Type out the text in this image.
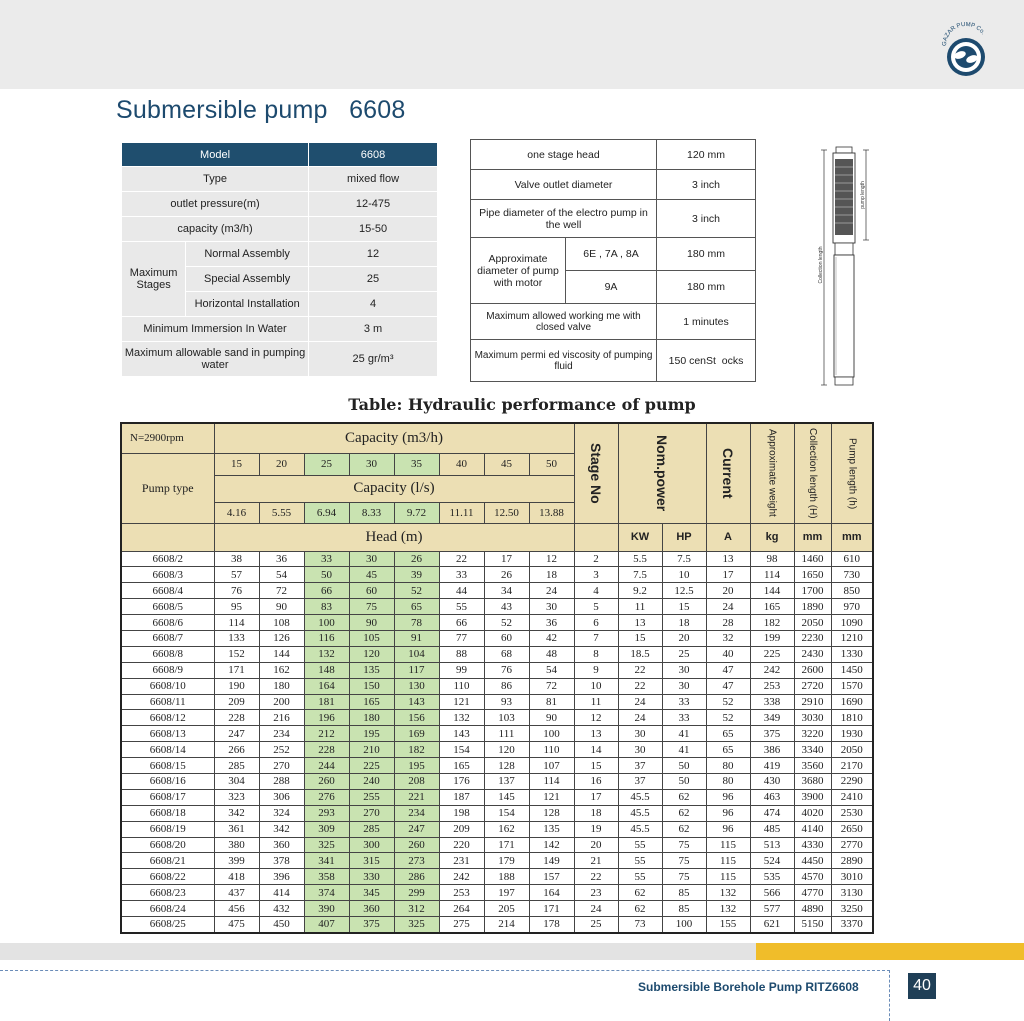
GAZAR PUMP Co.
Submersible pump   6608
Model		6608
Type		mixed flow
outlet pressure(m)		12-475
capacity (m3/h)		15-50
Maximum Stages	Normal Assembly	12
	Special Assembly	25
	Horizontal Installation	4
Minimum Immersion In Water		3 m
Maximum allowable sand in pumping water		25 gr/m³
one stage head		120 mm
Valve outlet diameter		3 inch
Pipe diameter of the electro pump in the well		3 inch
Approximate diameter of pump with motor	6E , 7A , 8A	180 mm
	9A	180 mm
Maximum allowed working me with closed valve		1 minutes
Maximum permi ed viscosity of pumping fluid		150 cenSt  ocks
Collection length
pump length
Table: Hydraulic performance of pump
N=2900rpm	Capacity (m3/h)								Stage No	Nom.power		Current	Approximate weight	Collection length (H)	Pump length (h)

Pump type	15	20	25	30	35	40	45	50							
	Capacity (l/s)														
	4.16	5.55	6.94	8.33	9.72	11.11	12.50	13.88							
	Head (m)									KW	HP	A	kg	mm	mm
6608/2	38	36	33	30	26	22	17	12	2	5.5	7.5	13	98	1460	610
6608/3	57	54	50	45	39	33	26	18	3	7.5	10	17	114	1650	730
6608/4	76	72	66	60	52	44	34	24	4	9.2	12.5	20	144	1700	850
6608/5	95	90	83	75	65	55	43	30	5	11	15	24	165	1890	970
6608/6	114	108	100	90	78	66	52	36	6	13	18	28	182	2050	1090
6608/7	133	126	116	105	91	77	60	42	7	15	20	32	199	2230	1210
6608/8	152	144	132	120	104	88	68	48	8	18.5	25	40	225	2430	1330
6608/9	171	162	148	135	117	99	76	54	9	22	30	47	242	2600	1450
6608/10	190	180	164	150	130	110	86	72	10	22	30	47	253	2720	1570
6608/11	209	200	181	165	143	121	93	81	11	24	33	52	338	2910	1690
6608/12	228	216	196	180	156	132	103	90	12	24	33	52	349	3030	1810
6608/13	247	234	212	195	169	143	111	100	13	30	41	65	375	3220	1930
6608/14	266	252	228	210	182	154	120	110	14	30	41	65	386	3340	2050
6608/15	285	270	244	225	195	165	128	107	15	37	50	80	419	3560	2170
6608/16	304	288	260	240	208	176	137	114	16	37	50	80	430	3680	2290
6608/17	323	306	276	255	221	187	145	121	17	45.5	62	96	463	3900	2410
6608/18	342	324	293	270	234	198	154	128	18	45.5	62	96	474	4020	2530
6608/19	361	342	309	285	247	209	162	135	19	45.5	62	96	485	4140	2650
6608/20	380	360	325	300	260	220	171	142	20	55	75	115	513	4330	2770
6608/21	399	378	341	315	273	231	179	149	21	55	75	115	524	4450	2890
6608/22	418	396	358	330	286	242	188	157	22	55	75	115	535	4570	3010
6608/23	437	414	374	345	299	253	197	164	23	62	85	132	566	4770	3130
6608/24	456	432	390	360	312	264	205	171	24	62	85	132	577	4890	3250
6608/25	475	450	407	375	325	275	214	178	25	73	100	155	621	5150	3370
Submersible Borehole Pump RITZ6608	40
